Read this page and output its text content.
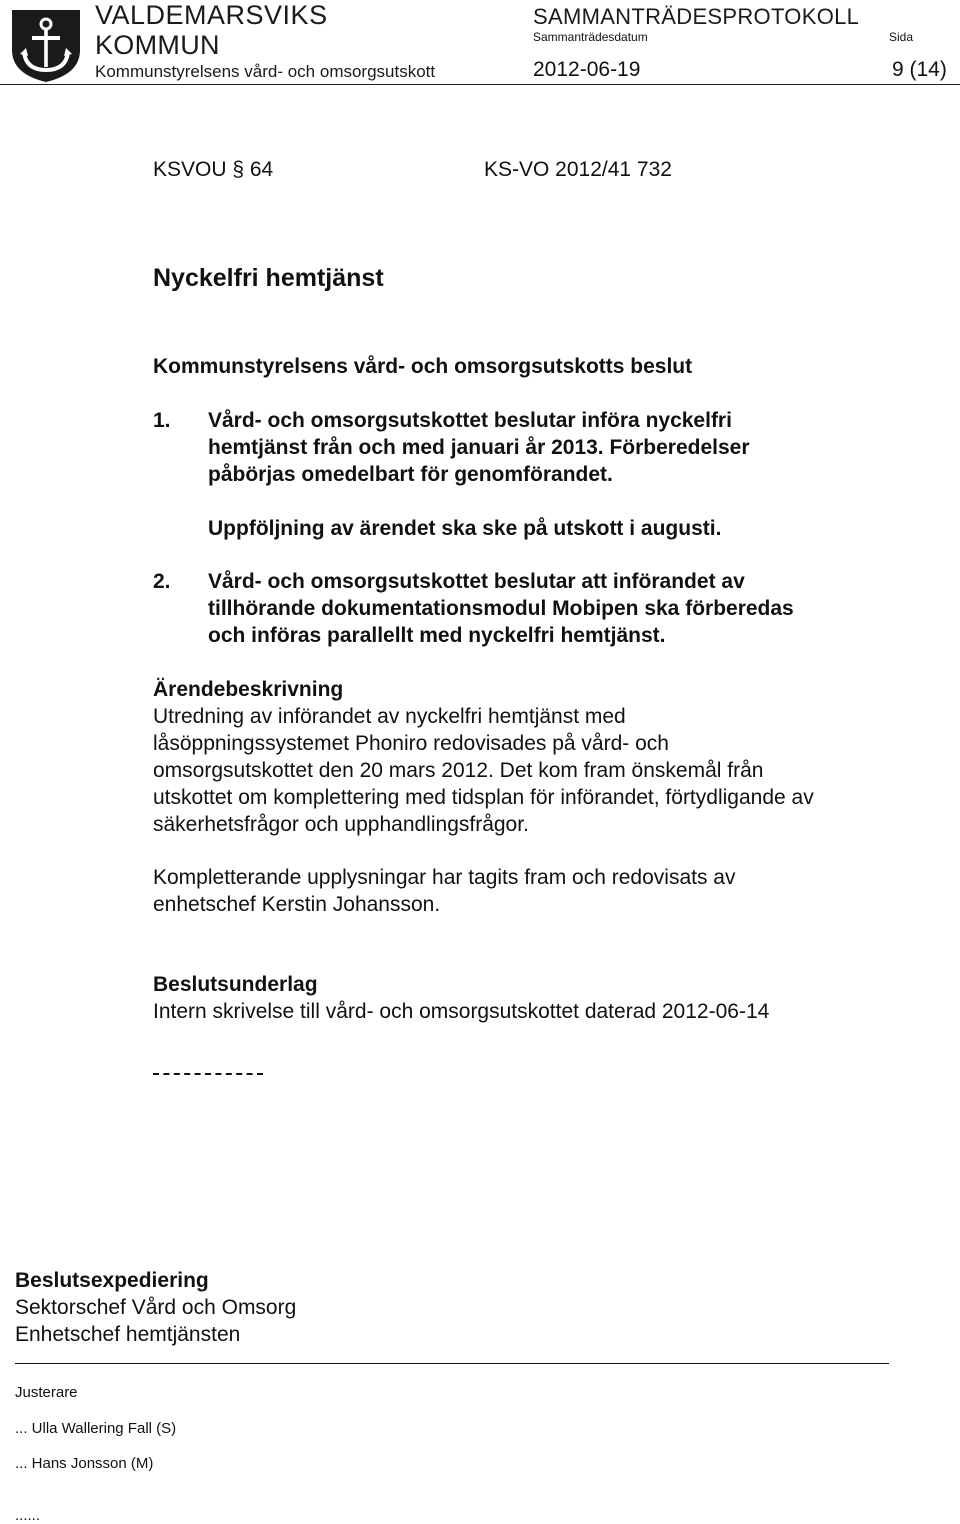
VALDEMARSVIKS
KOMMUN
Kommunstyrelsens vård- och omsorgsutskott
SAMMANTRÄDESPROTOKOLL
Sammanträdesdatum	Sida
2012-06-19	9 (14)
KSVOU § 64	KS-VO 2012/41 732
Nyckelfri hemtjänst
Kommunstyrelsens vård- och omsorgsutskotts beslut
1. Vård- och omsorgsutskottet beslutar införa nyckelfri
hemtjänst från och med januari år 2013. Förberedelser
påbörjas omedelbart för genomförandet.
Uppföljning av ärendet ska ske på utskott i augusti.
2. Vård- och omsorgsutskottet beslutar att införandet av
tillhörande dokumentationsmodul Mobipen ska förberedas
och införas parallellt med nyckelfri hemtjänst.
Ärendebeskrivning
Utredning av införandet av nyckelfri hemtjänst med
låsöppningssystemet Phoniro redovisades på vård- och
omsorgsutskottet den 20 mars 2012. Det kom fram önskemål från
utskottet om komplettering med tidsplan för införandet, förtydligande av
säkerhetsfrågor och upphandlingsfrågor.
Kompletterande upplysningar har tagits fram och redovisats av
enhetschef Kerstin Johansson.
Beslutsunderlag
Intern skrivelse till vård- och omsorgsutskottet daterad 2012-06-14
Beslutsexpediering
Sektorschef Vård och Omsorg
Enhetschef hemtjänsten
Justerare
... Ulla Wallering Fall (S)
... Hans Jonsson (M)
......
